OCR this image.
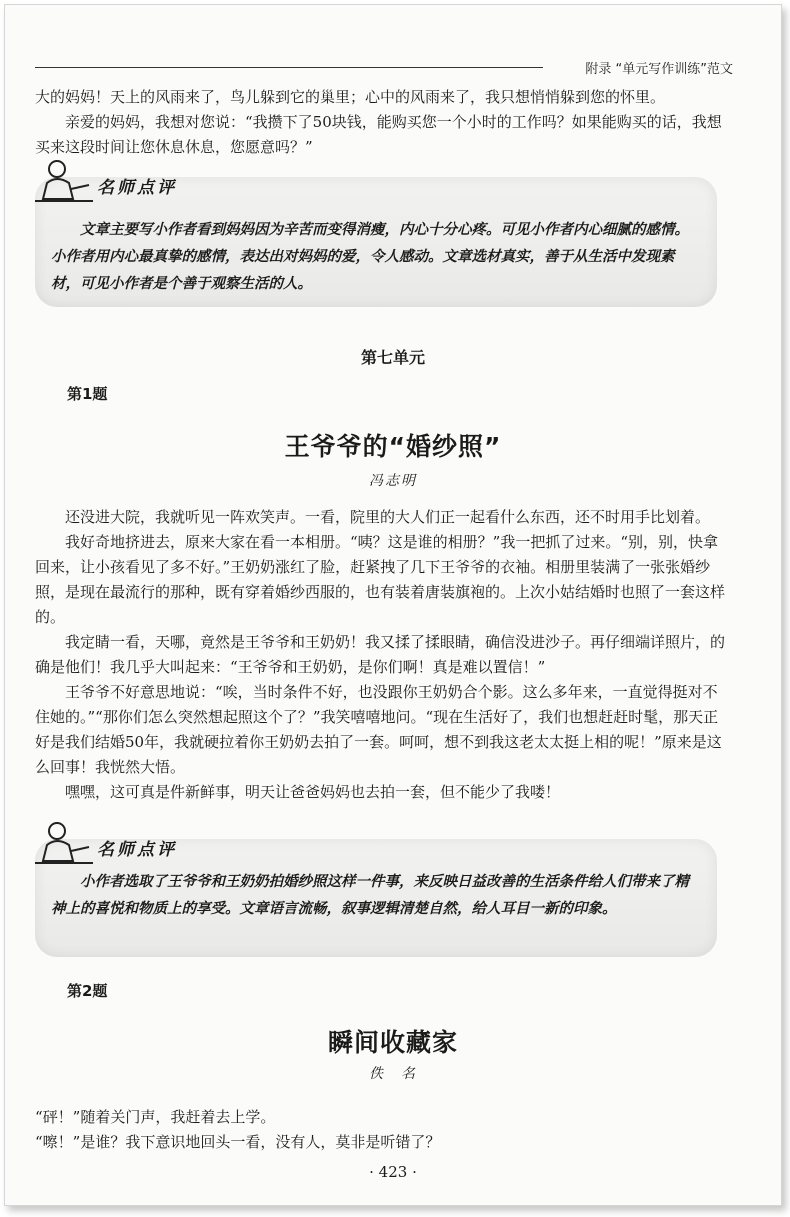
附录 “单元写作训练”范文

大的妈妈！天上的风雨来了，鸟儿躲到它的巢里；心中的风雨来了，我只想悄悄躲到您的怀里。

亲爱的妈妈，我想对您说：“我攒下了50块钱，能购买您一个小时的工作吗？如果能购买的话，我想买来这段时间让您休息休息，您愿意吗？”

名师点评

文章主要写小作者看到妈妈因为辛苦而变得消瘦，内心十分心疼。可见小作者内心细腻的感情。小作者用内心最真挚的感情，表达出对妈妈的爱，令人感动。文章选材真实，善于从生活中发现素材，可见小作者是个善于观察生活的人。

第七单元
第1题
王爷爷的“婚纱照”
冯志明

还没进大院，我就听见一阵欢笑声。一看，院里的大人们正一起看什么东西，还不时用手比划着。

我好奇地挤进去，原来大家在看一本相册。“咦？这是谁的相册？”我一把抓了过来。“别，别，快拿回来，让小孩看见了多不好。”王奶奶涨红了脸，赶紧拽了几下王爷爷的衣袖。相册里装满了一张张婚纱照，是现在最流行的那种，既有穿着婚纱西服的，也有装着唐装旗袍的。上次小姑结婚时也照了一套这样的。

我定睛一看，天哪，竟然是王爷爷和王奶奶！我又揉了揉眼睛，确信没进沙子。再仔细端详照片，的确是他们！我几乎大叫起来：“王爷爷和王奶奶，是你们啊！真是难以置信！”

王爷爷不好意思地说：“唉，当时条件不好，也没跟你王奶奶合个影。这么多年来，一直觉得挺对不住她的。”“那你们怎么突然想起照这个了？”我笑嘻嘻地问。“现在生活好了，我们也想赶赶时髦，那天正好是我们结婚50年，我就硬拉着你王奶奶去拍了一套。呵呵，想不到我这老太太挺上相的呢！”原来是这么回事！我恍然大悟。

嘿嘿，这可真是件新鲜事，明天让爸爸妈妈也去拍一套，但不能少了我喽！

名师点评

小作者选取了王爷爷和王奶奶拍婚纱照这样一件事，来反映日益改善的生活条件给人们带来了精神上的喜悦和物质上的享受。文章语言流畅，叙事逻辑清楚自然，给人耳目一新的印象。

第2题
瞬间收藏家
佚　名

“砰！”随着关门声，我赶着去上学。

“嚓！”是谁？我下意识地回头一看，没有人，莫非是听错了？

· 423 ·
